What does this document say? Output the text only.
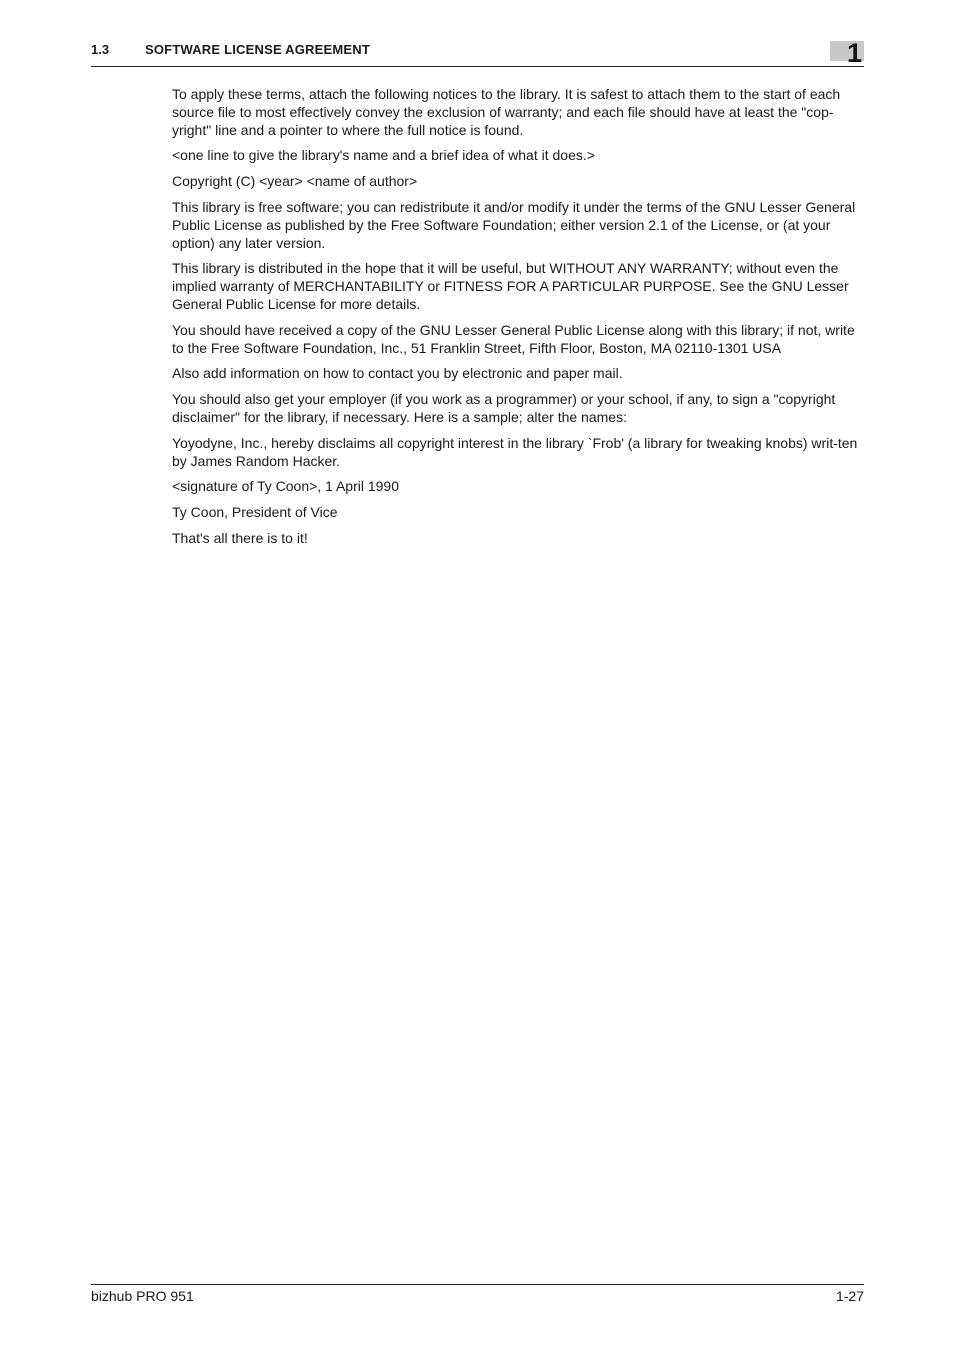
1.3	SOFTWARE LICENSE AGREEMENT	1

To apply these terms, attach the following notices to the library. It is safest to attach them to the start of each source file to most effectively convey the exclusion of warranty; and each file should have at least the "cop-yright" line and a pointer to where the full notice is found.

<one line to give the library's name and a brief idea of what it does.>

Copyright (C) <year> <name of author>

This library is free software; you can redistribute it and/or modify it under the terms of the GNU Lesser General Public License as published by the Free Software Foundation; either version 2.1 of the License, or (at your option) any later version.

This library is distributed in the hope that it will be useful, but WITHOUT ANY WARRANTY; without even the implied warranty of MERCHANTABILITY or FITNESS FOR A PARTICULAR PURPOSE. See the GNU Lesser General Public License for more details.

You should have received a copy of the GNU Lesser General Public License along with this library; if not, write to the Free Software Foundation, Inc., 51 Franklin Street, Fifth Floor, Boston, MA 02110-1301 USA

Also add information on how to contact you by electronic and paper mail.

You should also get your employer (if you work as a programmer) or your school, if any, to sign a "copyright disclaimer" for the library, if necessary. Here is a sample; alter the names:

Yoyodyne, Inc., hereby disclaims all copyright interest in the library `Frob' (a library for tweaking knobs) writ-ten by James Random Hacker.

<signature of Ty Coon>, 1 April 1990

Ty Coon, President of Vice

That's all there is to it!

bizhub PRO 951	1-27
